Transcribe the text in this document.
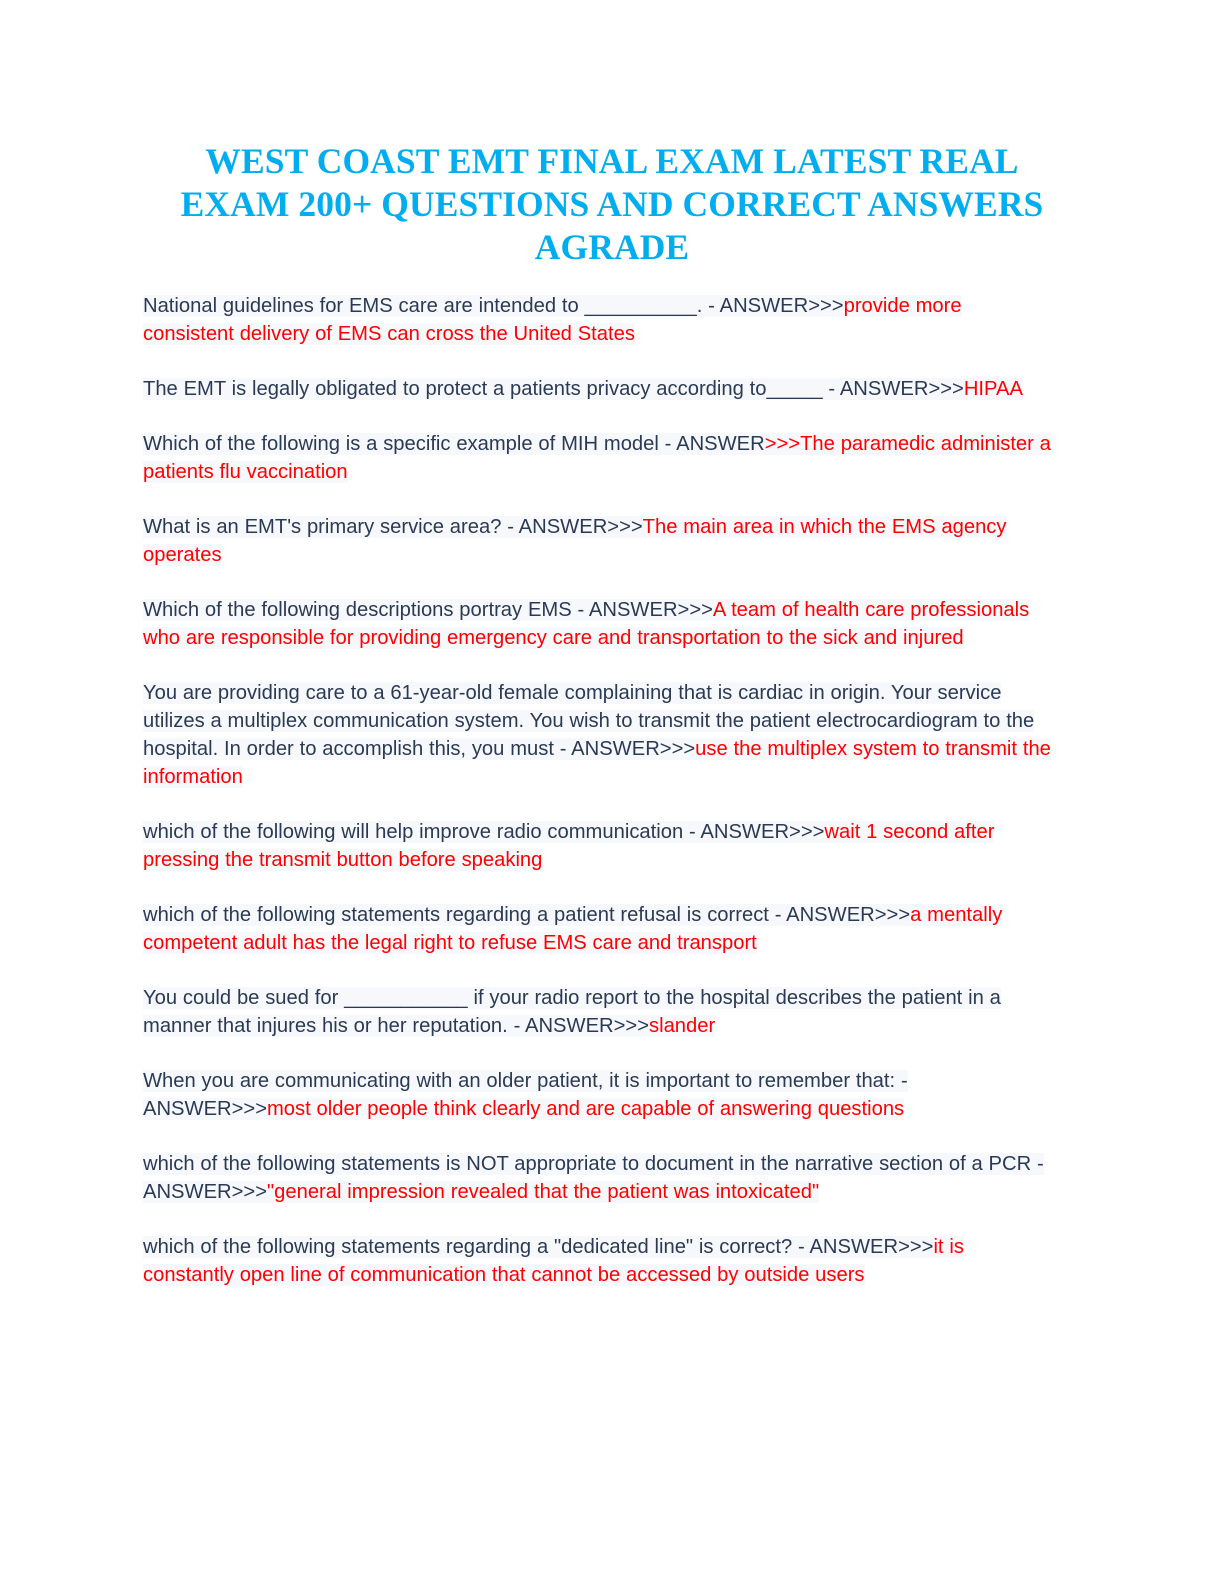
WEST COAST EMT FINAL EXAM LATEST REAL EXAM 200+ QUESTIONS AND CORRECT ANSWERS AGRADE

National guidelines for EMS care are intended to __________. - ANSWER>>>provide more consistent delivery of EMS can cross the United States

The EMT is legally obligated to protect a patients privacy according to_____ - ANSWER>>>HIPAA

Which of the following is a specific example of MIH model - ANSWER>>>The paramedic administer a patients flu vaccination

What is an EMT's primary service area? - ANSWER>>>The main area in which the EMS agency operates

Which of the following descriptions portray EMS - ANSWER>>>A team of health care professionals who are responsible for providing emergency care and transportation to the sick and injured

You are providing care to a 61-year-old female complaining that is cardiac in origin. Your service utilizes a multiplex communication system. You wish to transmit the patient electrocardiogram to the hospital. In order to accomplish this, you must - ANSWER>>>use the multiplex system to transmit the information

which of the following will help improve radio communication - ANSWER>>>wait 1 second after pressing the transmit button before speaking

which of the following statements regarding a patient refusal is correct - ANSWER>>>a mentally competent adult has the legal right to refuse EMS care and transport

You could be sued for ___________ if your radio report to the hospital describes the patient in a manner that injures his or her reputation. - ANSWER>>>slander

When you are communicating with an older patient, it is important to remember that: - ANSWER>>>most older people think clearly and are capable of answering questions

which of the following statements is NOT appropriate to document in the narrative section of a PCR - ANSWER>>>"general impression revealed that the patient was intoxicated"

which of the following statements regarding a "dedicated line" is correct? - ANSWER>>>it is constantly open line of communication that cannot be accessed by outside users
